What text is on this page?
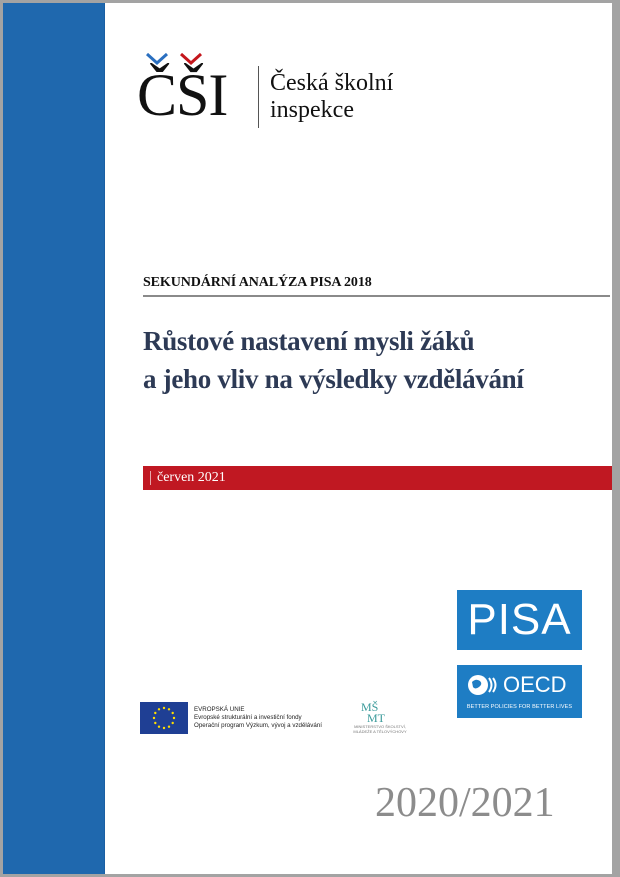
ČŠI Česká školní
inspekce
SEKUNDÁRNÍ ANALÝZA PISA 2018
Růstové nastavení mysli žáků
a jeho vliv na výsledky vzdělávání
červen 2021
PISA
OECD
BETTER POLICIES FOR BETTER LIVES
EVROPSKÁ UNIE
Evropské strukturální a investiční fondy
Operační program Výzkum, vývoj a vzdělávání
MŠ
MT
MINISTERSTVO ŠKOLSTVÍ,
MLÁDEŽE A TĚLOVÝCHOVY
2020/2021
